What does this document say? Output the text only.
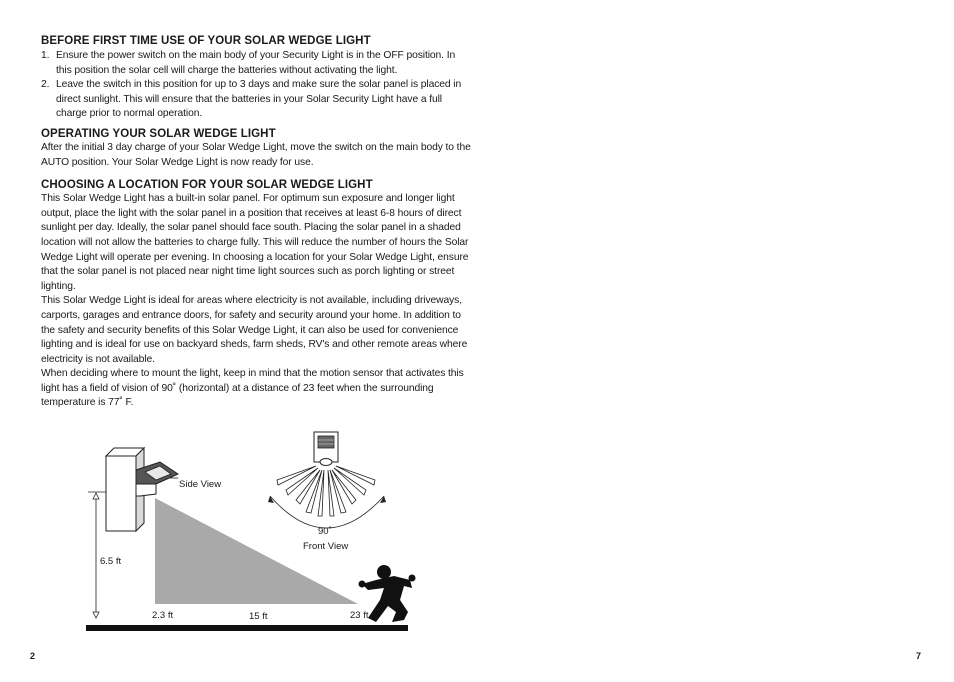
BEFORE FIRST TIME USE OF YOUR SOLAR WEDGE LIGHT
1. Ensure the power switch on the main body of your Security Light is in the OFF position. In this position the solar cell will charge the batteries without activating the light.
2. Leave the switch in this position for up to 3 days and make sure the solar panel is placed in direct sunlight. This will ensure that the batteries in your Solar Security Light have a full charge prior to normal operation.
OPERATING YOUR SOLAR WEDGE LIGHT

After the initial 3 day charge of your Solar Wedge Light, move the switch on the main body to the AUTO position. Your Solar Wedge Light is now ready for use.

CHOOSING A LOCATION FOR YOUR SOLAR WEDGE LIGHT

This Solar Wedge Light has a built-in solar panel. For optimum sun exposure and longer light output, place the light with the solar panel in a position that receives at least 6-8 hours of direct sunlight per day. Ideally, the solar panel should face south. Placing the solar panel in a shaded location will not allow the batteries to charge fully. This will reduce the number of hours the Solar Wedge Light will operate per evening. In choosing a location for your Solar Wedge Light, ensure that the solar panel is not placed near night time light sources such as porch lighting or street lighting.

This Solar Wedge Light is ideal for areas where electricity is not available, including driveways, carports, garages and entrance doors, for safety and security around your home. In addition to the safety and security benefits of this Solar Wedge Light, it can also be used for convenience lighting and is ideal for use on backyard sheds, farm sheds, RV's and other remote areas where electricity is not available.

When deciding where to mount the light, keep in mind that the motion sensor that activates this light has a field of vision of 90˚ (horizontal) at a distance of 23 feet when the surrounding temperature is 77˚ F.

6.5 ft
2.3 ft	15 ft	23 ft
Side View
90˚
Front View
2	7
